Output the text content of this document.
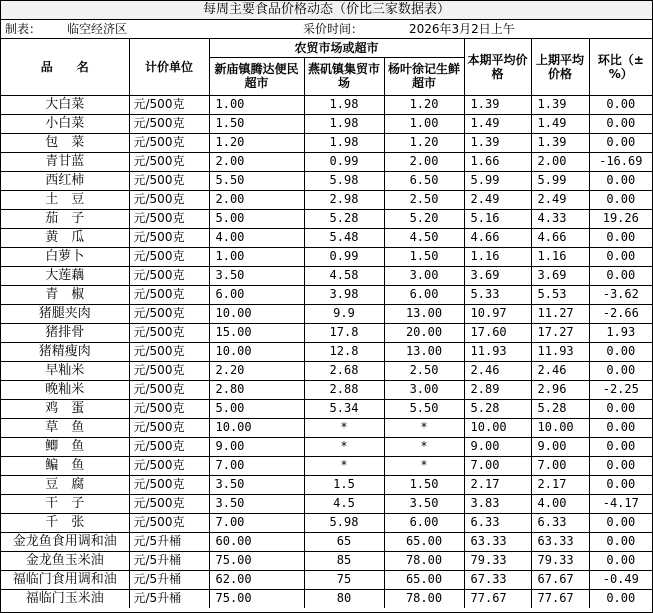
每周主要食品价格动态（价比三家数据表）
制表： 临空经济区	采价时间：	2026年3月2日上午
品　　名	计价单位	农贸市场或超市			本期平均价格	上期平均价格	环比（±%）
		新庙镇腾达便民超市	燕矶镇集贸市场	杨叶徐记生鲜超市			
大白菜	元/500克	1.00	1.98	1.20	1.39	1.39	0.00
小白菜	元/500克	1.50	1.98	1.00	1.49	1.49	0.00
包　菜	元/500克	1.20	1.98	1.20	1.39	1.39	0.00
青甘蓝	元/500克	2.00	0.99	2.00	1.66	2.00	-16.69
西红柿	元/500克	5.50	5.98	6.50	5.99	5.99	0.00
土　豆	元/500克	2.00	2.98	2.50	2.49	2.49	0.00
茄　子	元/500克	5.00	5.28	5.20	5.16	4.33	19.26
黄　瓜	元/500克	4.00	5.48	4.50	4.66	4.66	0.00
白萝卜	元/500克	1.00	0.99	1.50	1.16	1.16	0.00
大莲藕	元/500克	3.50	4.58	3.00	3.69	3.69	0.00
青　椒	元/500克	6.00	3.98	6.00	5.33	5.53	-3.62
猪腿夹肉	元/500克	10.00	9.9	13.00	10.97	11.27	-2.66
猪排骨	元/500克	15.00	17.8	20.00	17.60	17.27	1.93
猪精瘦肉	元/500克	10.00	12.8	13.00	11.93	11.93	0.00
早籼米	元/500克	2.20	2.68	2.50	2.46	2.46	0.00
晚籼米	元/500克	2.80	2.88	3.00	2.89	2.96	-2.25
鸡　蛋	元/500克	5.00	5.34	5.50	5.28	5.28	0.00
草　鱼	元/500克	10.00	*	*	10.00	10.00	0.00
鲫　鱼	元/500克	9.00	*	*	9.00	9.00	0.00
鳊　鱼	元/500克	7.00	*	*	7.00	7.00	0.00
豆　腐	元/500克	3.50	1.5	1.50	2.17	2.17	0.00
干　子	元/500克	3.50	4.5	3.50	3.83	4.00	-4.17
千　张	元/500克	7.00	5.98	6.00	6.33	6.33	0.00
金龙鱼食用调和油	元/5升桶	60.00	65	65.00	63.33	63.33	0.00
金龙鱼玉米油	元/5升桶	75.00	85	78.00	79.33	79.33	0.00
福临门食用调和油	元/5升桶	62.00	75	65.00	67.33	67.67	-0.49
福临门玉米油	元/5升桶	75.00	80	78.00	77.67	77.67	0.00
